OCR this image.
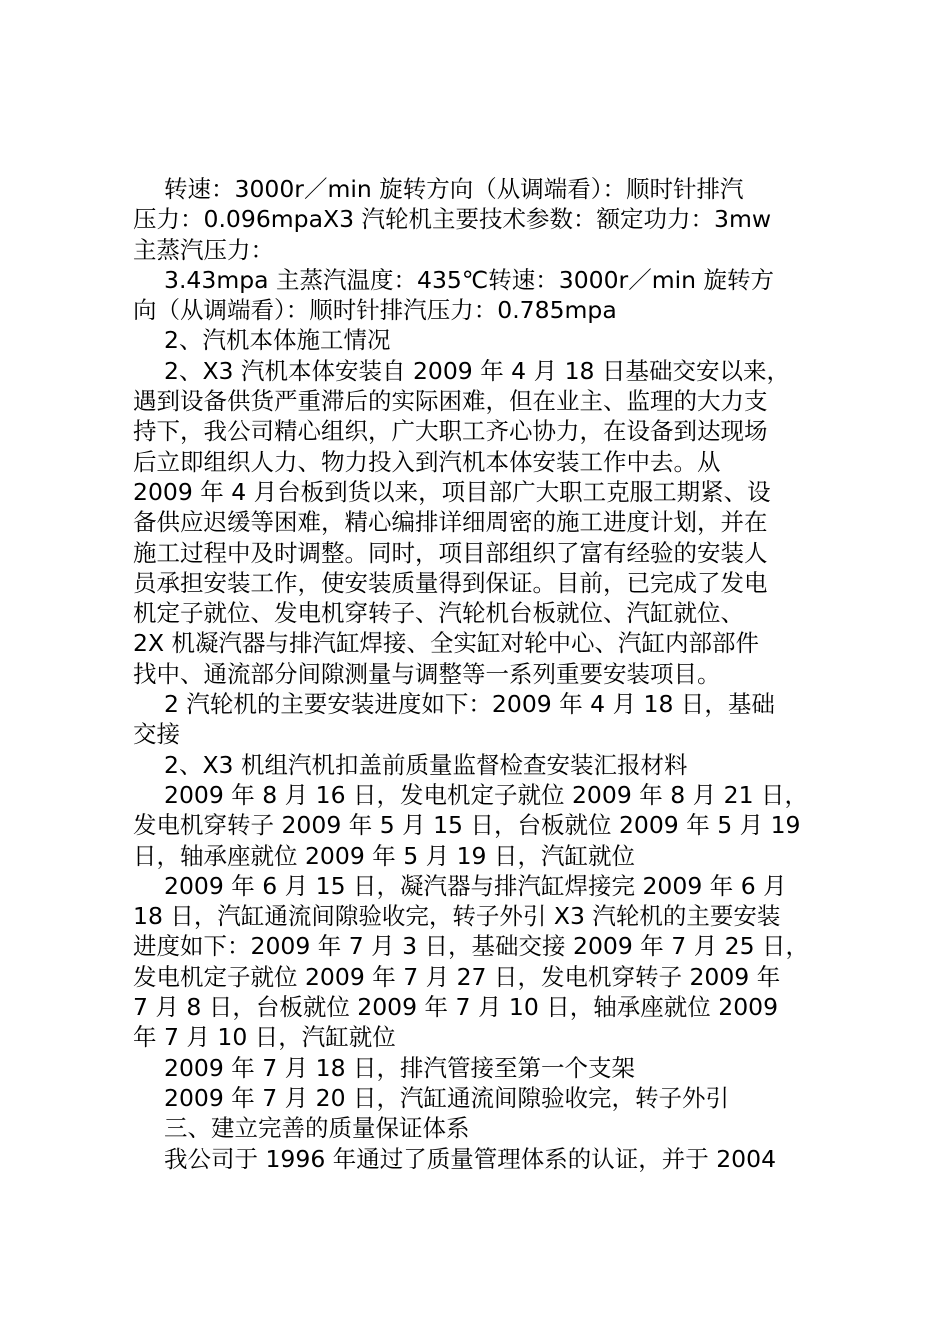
转速：3000r／min 旋转方向（从调端看）：顺时针排汽
压力：0.096mpaX3 汽轮机主要技术参数：额定功力：3mw
主蒸汽压力：
3.43mpa 主蒸汽温度：435℃转速：3000r／min 旋转方
向（从调端看）：顺时针排汽压力：0.785mpa
2、汽机本体施工情况
2、X3 汽机本体安装自 2009 年 4 月 18 日基础交安以来，
遇到设备供货严重滞后的实际困难，但在业主、监理的大力支
持下，我公司精心组织，广大职工齐心协力，在设备到达现场
后立即组织人力、物力投入到汽机本体安装工作中去。从
2009 年 4 月台板到货以来，项目部广大职工克服工期紧、设
备供应迟缓等困难，精心编排详细周密的施工进度计划，并在
施工过程中及时调整。同时，项目部组织了富有经验的安装人
员承担安装工作，使安装质量得到保证。目前，已完成了发电
机定子就位、发电机穿转子、汽轮机台板就位、汽缸就位、
2X 机凝汽器与排汽缸焊接、全实缸对轮中心、汽缸内部部件
找中、通流部分间隙测量与调整等一系列重要安装项目。
2 汽轮机的主要安装进度如下：2009 年 4 月 18 日，基础
交接
2、X3 机组汽机扣盖前质量监督检查安装汇报材料
2009 年 8 月 16 日，发电机定子就位 2009 年 8 月 21 日，
发电机穿转子 2009 年 5 月 15 日，台板就位 2009 年 5 月 19
日，轴承座就位 2009 年 5 月 19 日，汽缸就位
2009 年 6 月 15 日，凝汽器与排汽缸焊接完 2009 年 6 月
18 日，汽缸通流间隙验收完，转子外引 X3 汽轮机的主要安装
进度如下：2009 年 7 月 3 日，基础交接 2009 年 7 月 25 日，
发电机定子就位 2009 年 7 月 27 日，发电机穿转子 2009 年
7 月 8 日，台板就位 2009 年 7 月 10 日，轴承座就位 2009
年 7 月 10 日，汽缸就位
2009 年 7 月 18 日，排汽管接至第一个支架
2009 年 7 月 20 日，汽缸通流间隙验收完，转子外引
三、建立完善的质量保证体系
我公司于 1996 年通过了质量管理体系的认证，并于 2004
